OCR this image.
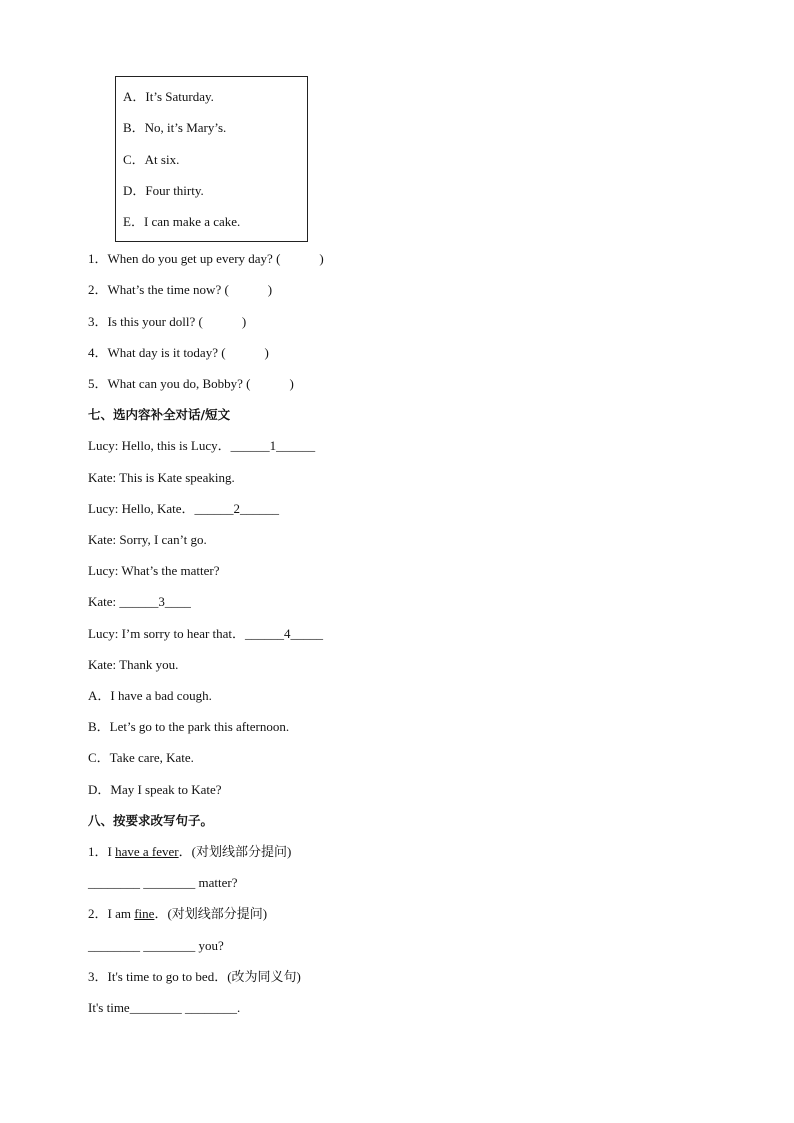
A．It’s Saturday.
B．No, it’s Mary’s.
C．At six.
D．Four thirty.
E．I can make a cake.
1．When do you get up every day? (　　　)
2．What’s the time now? (　　　)
3．Is this your doll? (　　　)
4．What day is it today? (　　　)
5．What can you do, Bobby? (　　　)
七、选内容补全对话/短文
Lucy: Hello, this is Lucy．______1______
Kate: This is Kate speaking.
Lucy: Hello, Kate．______2______
Kate: Sorry, I can’t go.
Lucy: What’s the matter?
Kate: ______3____
Lucy: I’m sorry to hear that．______4_____
Kate: Thank you.
A．I have a bad cough.
B．Let’s go to the park this afternoon.
C．Take care, Kate.
D．May I speak to Kate?
八、按要求改写句子。
1．I have a fever．(对划线部分提问)
________ ________ matter?
2．I am fine．(对划线部分提问)
________ ________ you?
3．It's time to go to bed．(改为同义句)
It's time________ ________.
